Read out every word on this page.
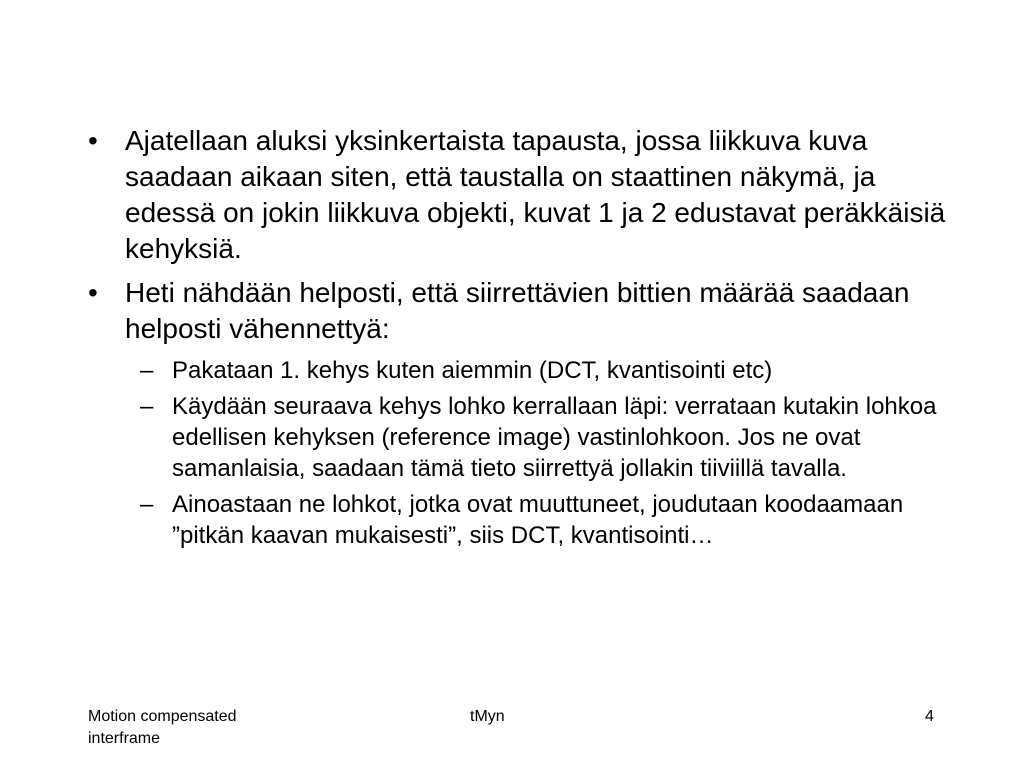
• Ajatellaan aluksi yksinkertaista tapausta, jossa liikkuva kuva saadaan aikaan siten, että taustalla on staattinen näkymä, ja edessä on jokin liikkuva objekti, kuvat 1 ja 2 edustavat peräkkäisiä kehyksiä.
• Heti nähdään helposti, että siirrettävien bittien määrää saadaan helposti vähennettyä:
– Pakataan 1. kehys kuten aiemmin (DCT, kvantisointi etc)
– Käydään seuraava kehys lohko kerrallaan läpi: verrataan kutakin lohkoa edellisen kehyksen (reference image) vastinlohkoon. Jos ne ovat samanlaisia, saadaan tämä tieto siirrettyä jollakin tiiviillä tavalla.
– Ainoastaan ne lohkot, jotka ovat muuttuneet, joudutaan koodaamaan ”pitkän kaavan mukaisesti”, siis DCT, kvantisointi…
Motion compensated interframe
tMyn	4
